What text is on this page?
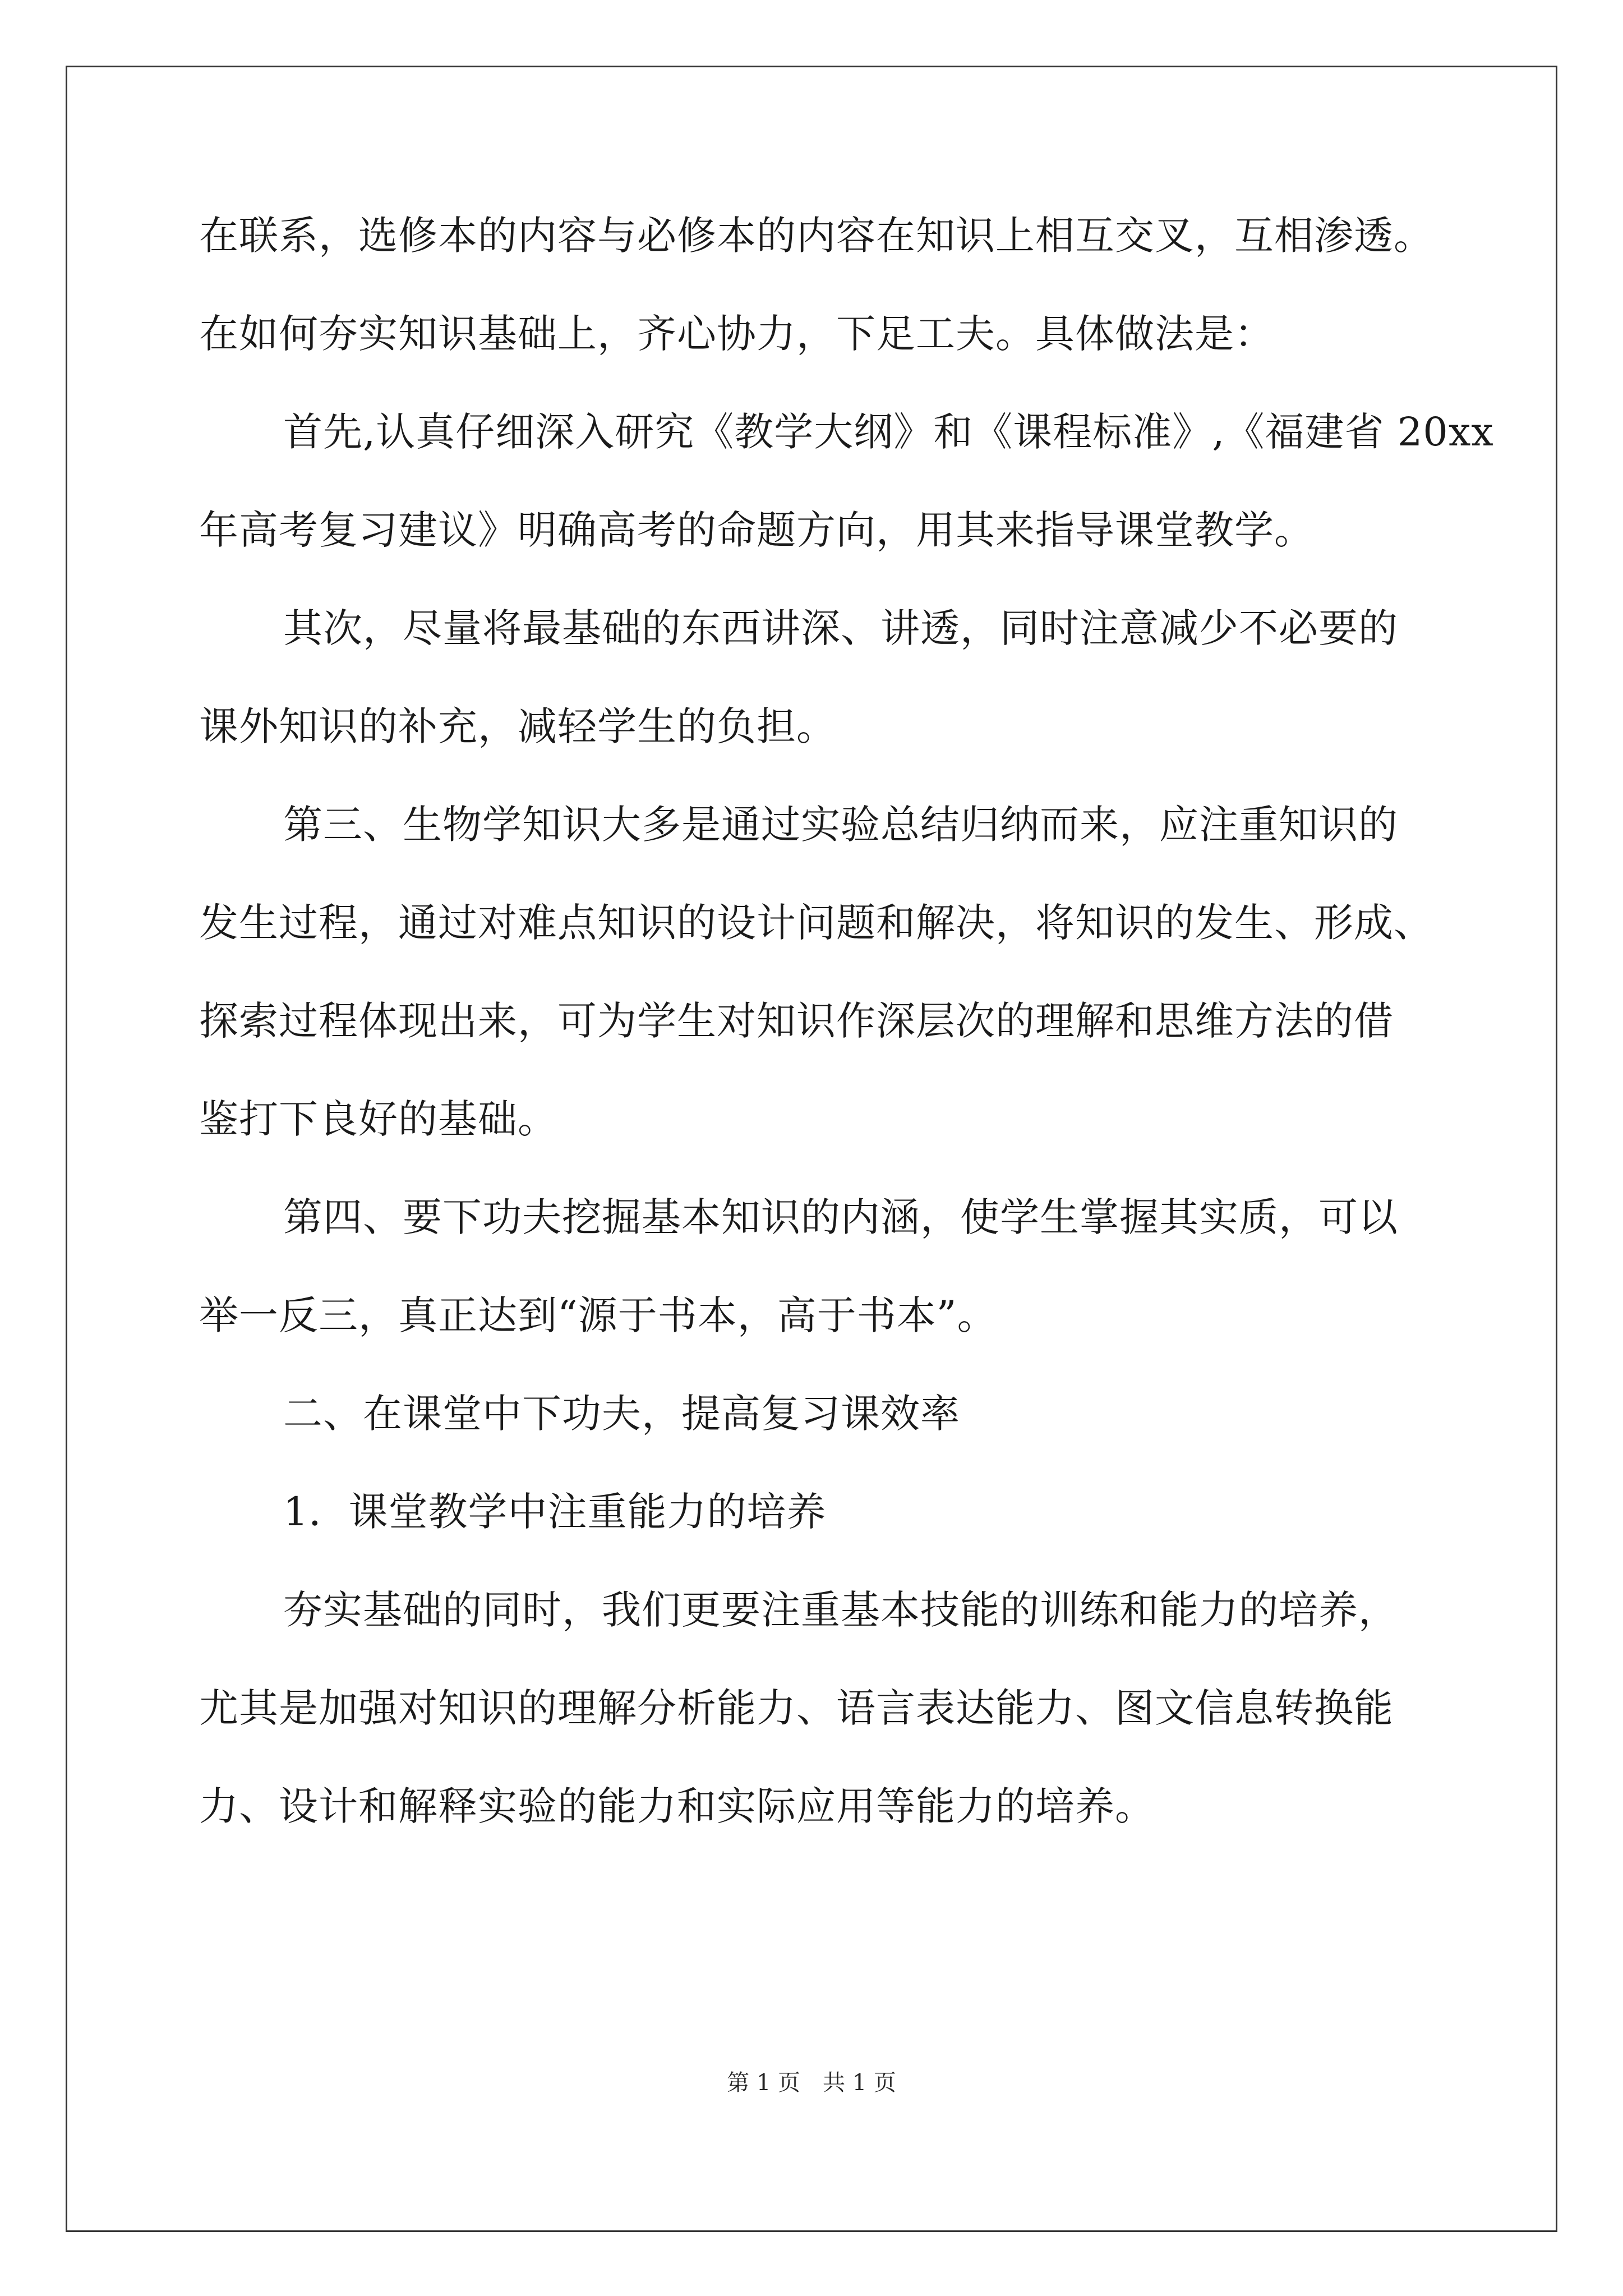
在联系，选修本的内容与必修本的内容在知识上相互交叉，互相渗透。
在如何夯实知识基础上，齐心协力，下足工夫。具体做法是：
首先,认真仔细深入研究《教学大纲》和《课程标准》,《福建省 20xx
年高考复习建议》明确高考的命题方向，用其来指导课堂教学。
其次，尽量将最基础的东西讲深、讲透，同时注意减少不必要的
课外知识的补充，减轻学生的负担。
第三、生物学知识大多是通过实验总结归纳而来，应注重知识的
发生过程，通过对难点知识的设计问题和解决，将知识的发生、形成、
探索过程体现出来，可为学生对知识作深层次的理解和思维方法的借
鉴打下良好的基础。
第四、要下功夫挖掘基本知识的内涵，使学生掌握其实质，可以
举一反三，真正达到“源于书本，高于书本”。
二、在课堂中下功夫，提高复习课效率
1．课堂教学中注重能力的培养
夯实基础的同时，我们更要注重基本技能的训练和能力的培养，
尤其是加强对知识的理解分析能力、语言表达能力、图文信息转换能
力、设计和解释实验的能力和实际应用等能力的培养。
第 1 页　共 1 页
